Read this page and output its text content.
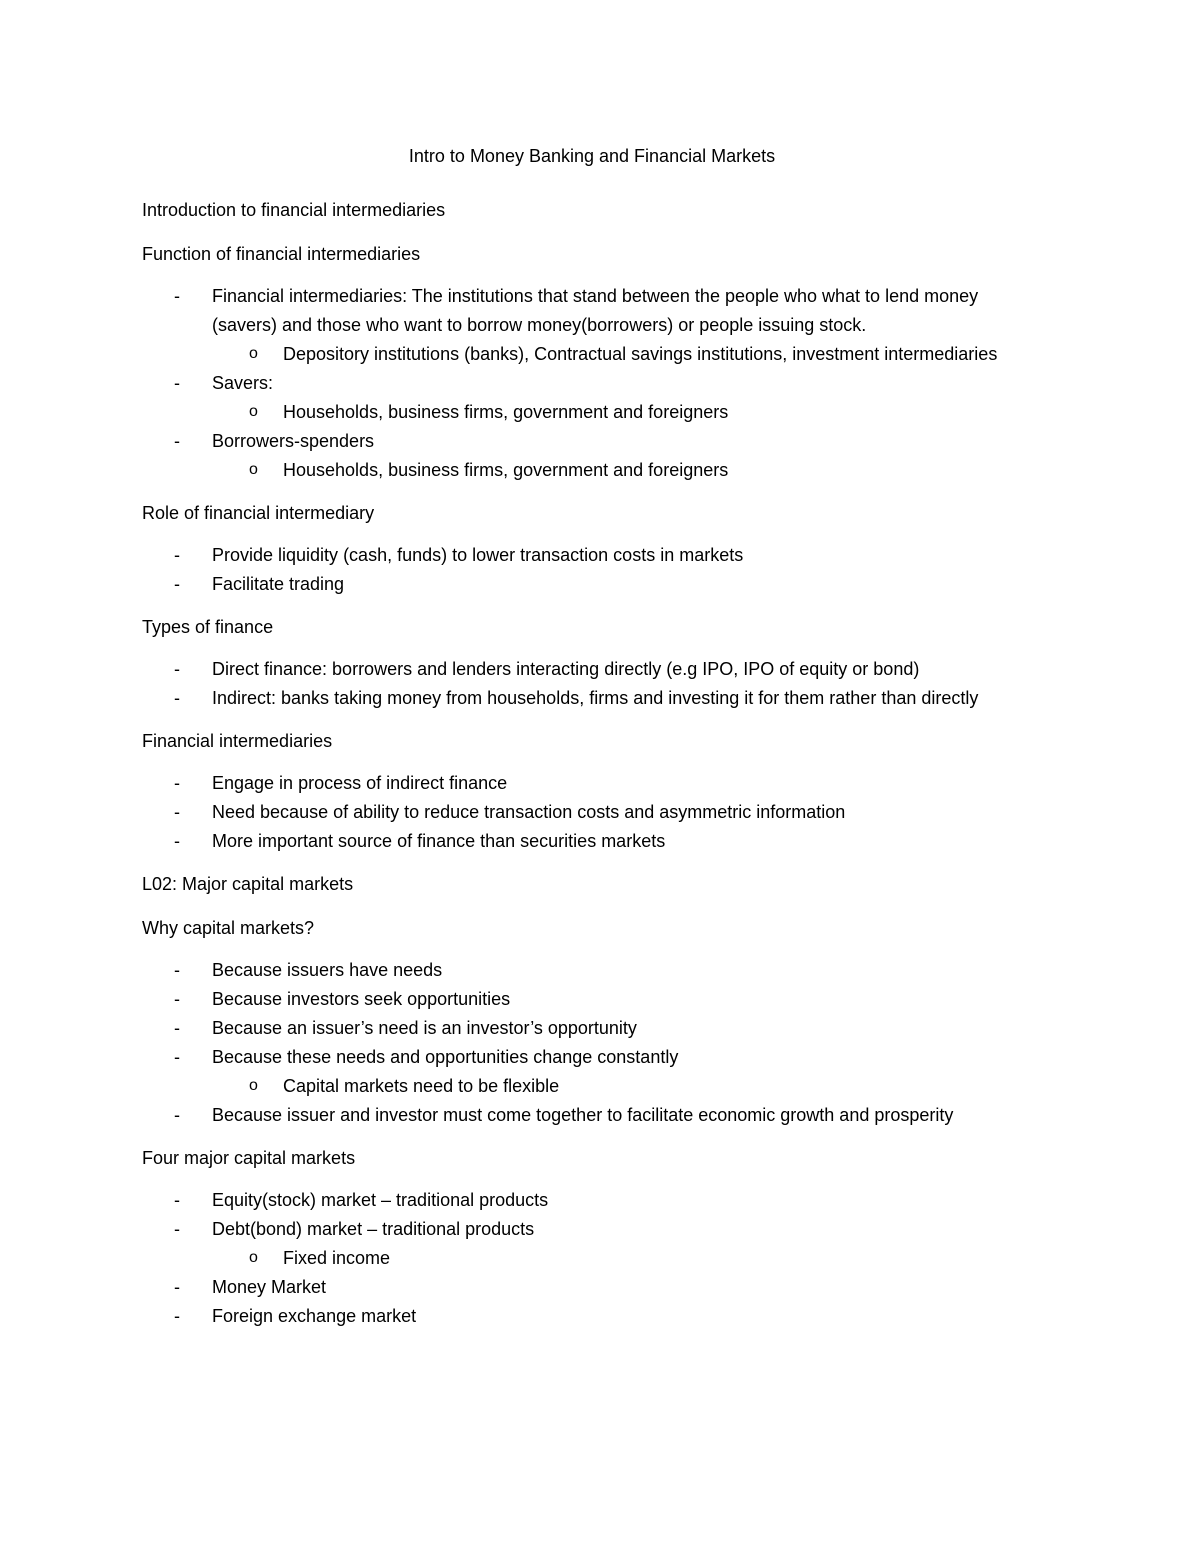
Intro to Money Banking and Financial Markets
Introduction to financial intermediaries
Function of financial intermediaries
- Financial intermediaries: The institutions that stand between the people who what to lend money (savers) and those who want to borrow money(borrowers) or people issuing stock.
o Depository institutions (banks), Contractual savings institutions, investment intermediaries
- Savers:
o Households, business firms, government and foreigners
- Borrowers-spenders
o Households, business firms, government and foreigners
Role of financial intermediary
- Provide liquidity (cash, funds) to lower transaction costs in markets
- Facilitate trading
Types of finance
- Direct finance: borrowers and lenders interacting directly (e.g IPO, IPO of equity or bond)
- Indirect: banks taking money from households, firms and investing it for them rather than directly
Financial intermediaries
- Engage in process of indirect finance
- Need because of ability to reduce transaction costs and asymmetric information
- More important source of finance than securities markets
L02: Major capital markets
Why capital markets?
- Because issuers have needs
- Because investors seek opportunities
- Because an issuer’s need is an investor’s opportunity
- Because these needs and opportunities change constantly
o Capital markets need to be flexible
- Because issuer and investor must come together to facilitate economic growth and prosperity
Four major capital markets
- Equity(stock) market – traditional products
- Debt(bond) market – traditional products
o Fixed income
- Money Market
- Foreign exchange market
